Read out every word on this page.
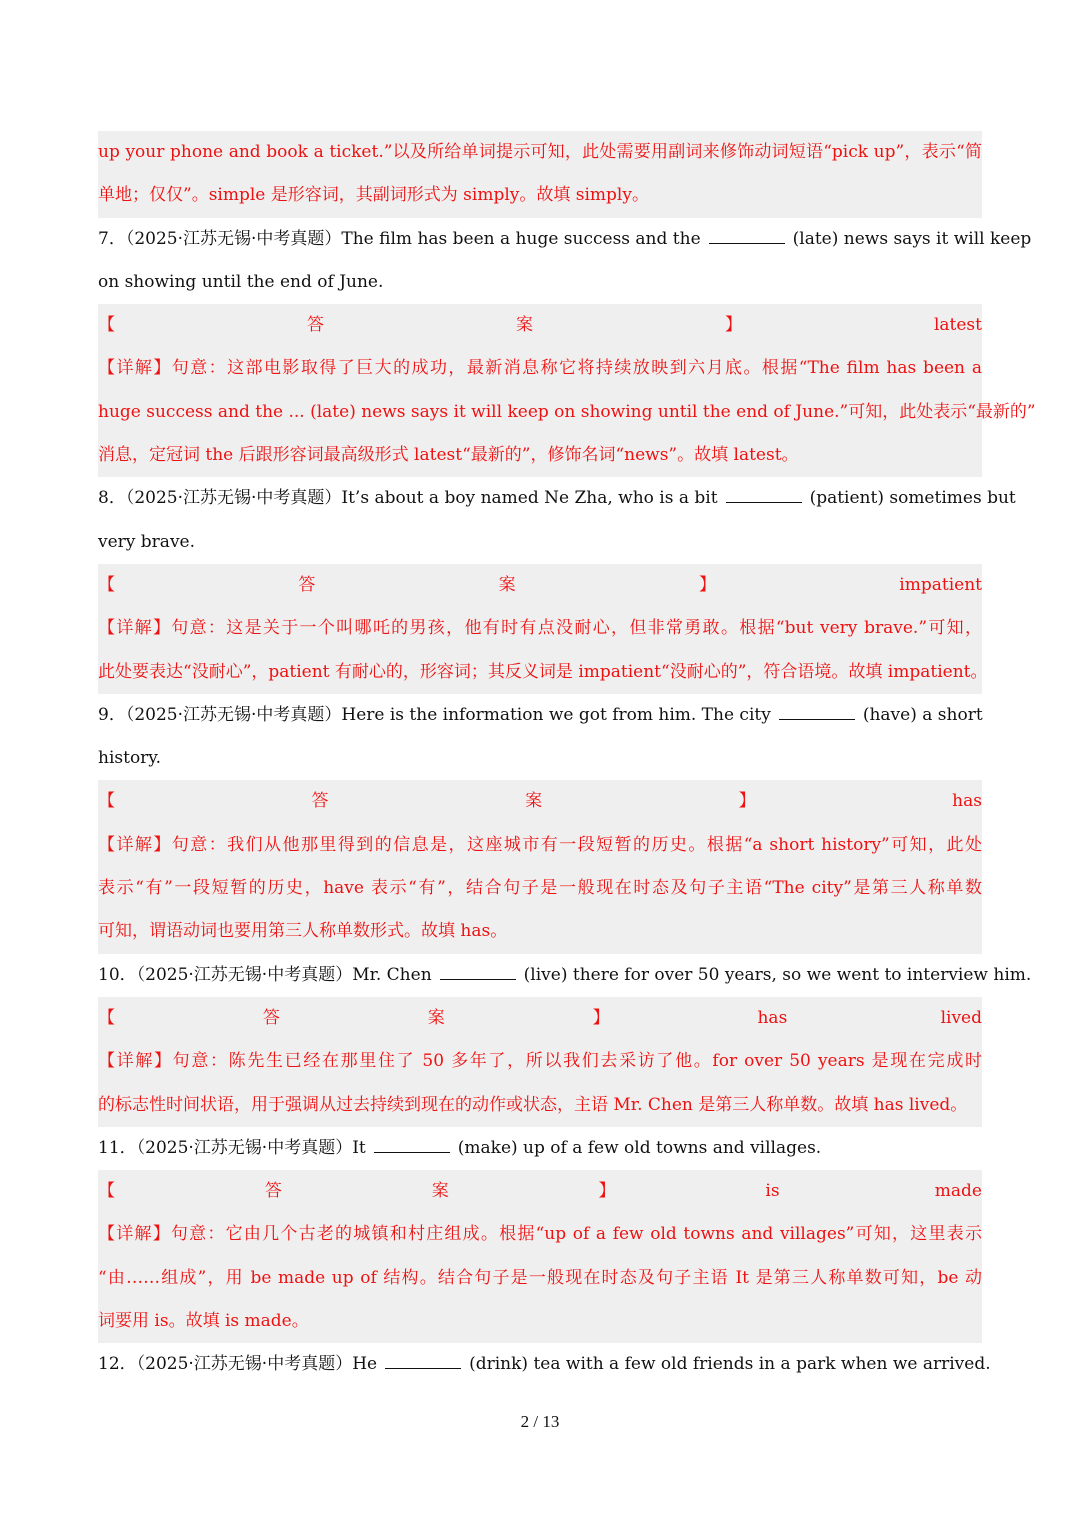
up your phone and book a ticket.”以及所给单词提示可知，此处需要用副词来修饰动词短语“pick up”，表示“简
单地；仅仅”。simple 是形容词，其副词形式为 simply。故填 simply。
7．（2025·江苏无锡·中考真题）The film has been a huge success and the	(late) news says it will keep
on showing until the end of June.
【答案】latest
【详解】句意：这部电影取得了巨大的成功，最新消息称它将持续放映到六月底。根据“The film has been a
huge success and the ... (late) news says it will keep on showing until the end of June.”可知，此处表示“最新的”
消息，定冠词 the 后跟形容词最高级形式 latest“最新的”，修饰名词“news”。故填 latest。
8．（2025·江苏无锡·中考真题）It’s about a boy named Ne Zha, who is a bit	(patient) sometimes but
very brave.
【答案】impatient
【详解】句意：这是关于一个叫哪吒的男孩，他有时有点没耐心，但非常勇敢。根据“but very brave.”可知，
此处要表达“没耐心”，patient 有耐心的，形容词；其反义词是 impatient“没耐心的”，符合语境。故填 impatient。
9．（2025·江苏无锡·中考真题）Here is the information we got from him. The city	(have) a short
history.
【答案】has
【详解】句意：我们从他那里得到的信息是，这座城市有一段短暂的历史。根据“a short history”可知，此处
表示“有”一段短暂的历史，have 表示“有”，结合句子是一般现在时态及句子主语“The city”是第三人称单数
可知，谓语动词也要用第三人称单数形式。故填 has。
10．（2025·江苏无锡·中考真题）Mr. Chen	(live) there for over 50 years, so we went to interview him.
【答案】has lived
【详解】句意：陈先生已经在那里住了 50 多年了，所以我们去采访了他。for over 50 years 是现在完成时
的标志性时间状语，用于强调从过去持续到现在的动作或状态，主语 Mr. Chen 是第三人称单数。故填 has lived。
11．（2025·江苏无锡·中考真题）It	(make) up of a few old towns and villages.
【答案】is made
【详解】句意：它由几个古老的城镇和村庄组成。根据“up of a few old towns and villages”可知，这里表示
“由……组成”，用 be made up of 结构。结合句子是一般现在时态及句子主语 It 是第三人称单数可知，be 动
词要用 is。故填 is made。
12．（2025·江苏无锡·中考真题）He	(drink) tea with a few old friends in a park when we arrived.
2 / 13
